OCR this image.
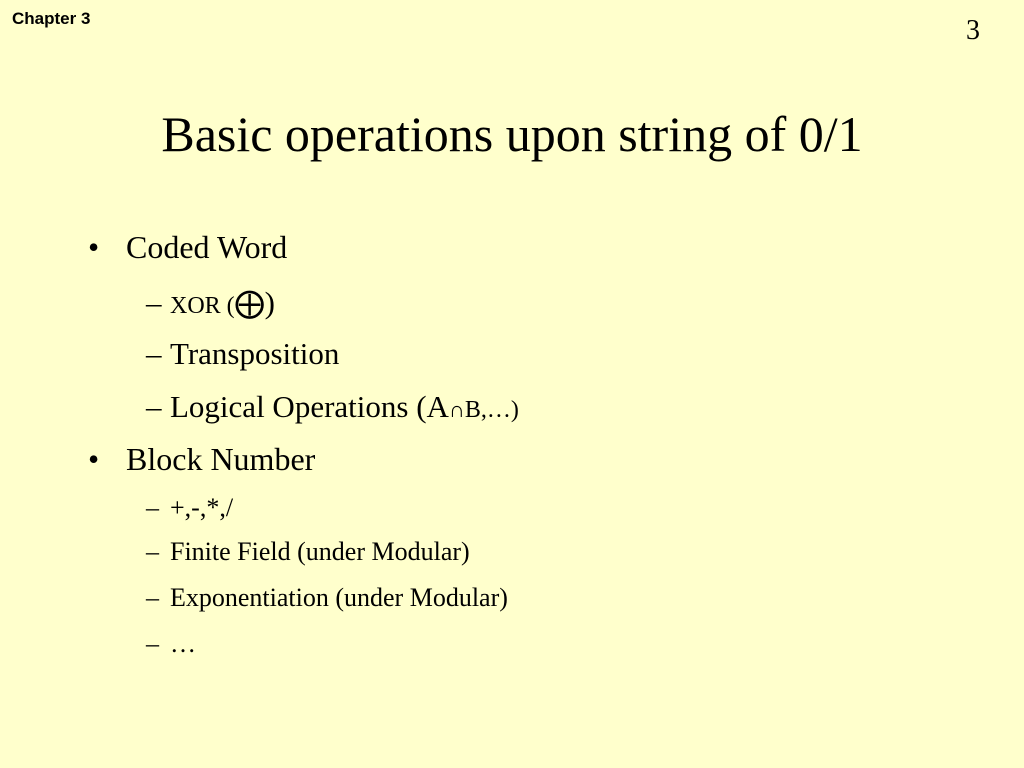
Chapter 3	3
Basic operations upon string of 0/1
• Coded Word
– XOR (⨁)
– Transposition
– Logical Operations (A∩B,…)
• Block Number
– +,-,*,/
– Finite Field (under Modular)
– Exponentiation (under Modular)
– …
